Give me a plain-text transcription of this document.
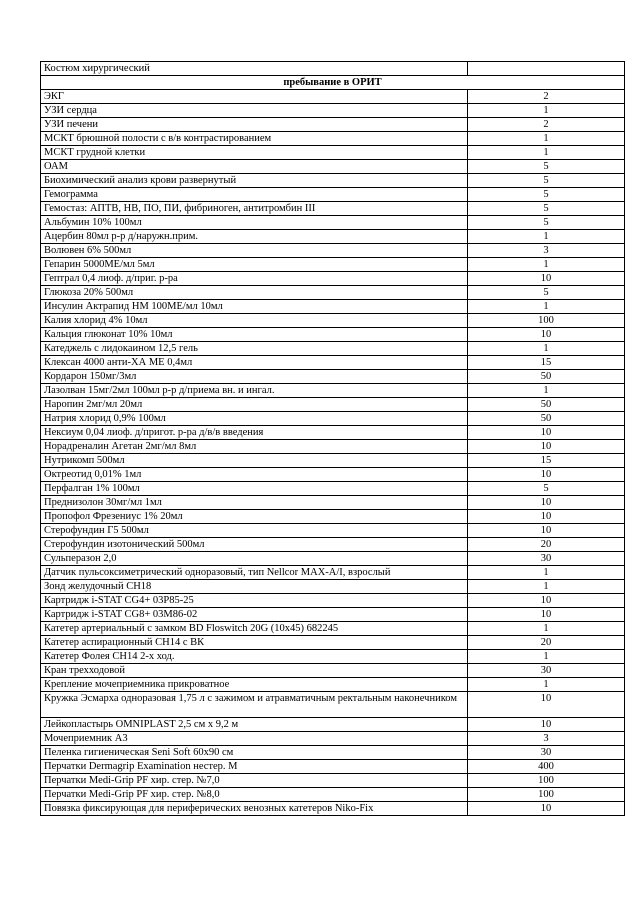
Костюм хирургический	
пребывание в ОРИТ	
ЭКГ	2
УЗИ сердца	1
УЗИ печени	2
МСКТ брюшной полости с в/в контрастированием	1
МСКТ грудной клетки	1
ОАМ	5
Биохимический анализ крови развернутый	5
Гемограмма	5
Гемостаз: АПТВ, НВ, ПО, ПИ, фибриноген, антитромбин III	5
Альбумин 10% 100мл	5
Ацербин 80мл р-р д/наружн.прим.	1
Волювен 6% 500мл	3
Гепарин 5000МЕ/мл 5мл	1
Гептрал 0,4 лиоф. д/приг. р-ра	10
Глюкоза 20% 500мл	5
Инсулин Актрапид НМ 100МЕ/мл 10мл	1
Калия хлорид 4% 10мл	100
Кальция глюконат 10% 10мл	10
Катеджель с лидокаином 12,5 гель	1
Клексан 4000 анти-ХА МЕ 0,4мл	15
Кордарон 150мг/3мл	50
Лазолван 15мг/2мл 100мл р-р д/приема вн. и ингал.	1
Наропин 2мг/мл 20мл	50
Натрия хлорид 0,9% 100мл	50
Нексиум 0,04 лиоф. д/пригот. р-ра д/в/в введения	10
Норадреналин Агетан 2мг/мл 8мл	10
Нутрикомп 500мл	15
Октреотид 0,01% 1мл	10
Перфалган 1% 100мл	5
Преднизолон 30мг/мл 1мл	10
Пропофол Фрезениус 1% 20мл	10
Стерофундин Г5 500мл	10
Стерофундин изотонический 500мл	20
Сульперазон 2,0	30
Датчик пульсоксиметрический одноразовый, тип Nellcor MAX-A/I, взрослый	1
Зонд желудочный CH18	1
Картридж i-STAT CG4+ 03P85-25	10
Картридж i-STAT CG8+ 03M86-02	10
Катетер артериальный с замком BD Floswitch 20G (10x45) 682245	1
Катетер аспирационный CH14 с ВК	20
Катетер Фолея CH14 2-х ход.	1
Кран трехходовой	30
Крепление мочеприемника прикроватное	1
Кружка Эсмарха одноразовая 1,75 л с зажимом и атравматичным ректальным наконечником	10
Лейкопластырь OMNIPLAST 2,5 см х 9,2 м	10
Мочеприемник А3	3
Пеленка гигиеническая Seni Soft 60x90 см	30
Перчатки Dermagrip Examination нестер. M	400
Перчатки Medi-Grip PF хир. стер. №7,0	100
Перчатки Medi-Grip PF хир. стер. №8,0	100
Повязка фиксирующая для периферических венозных катетеров Niko-Fix	10
